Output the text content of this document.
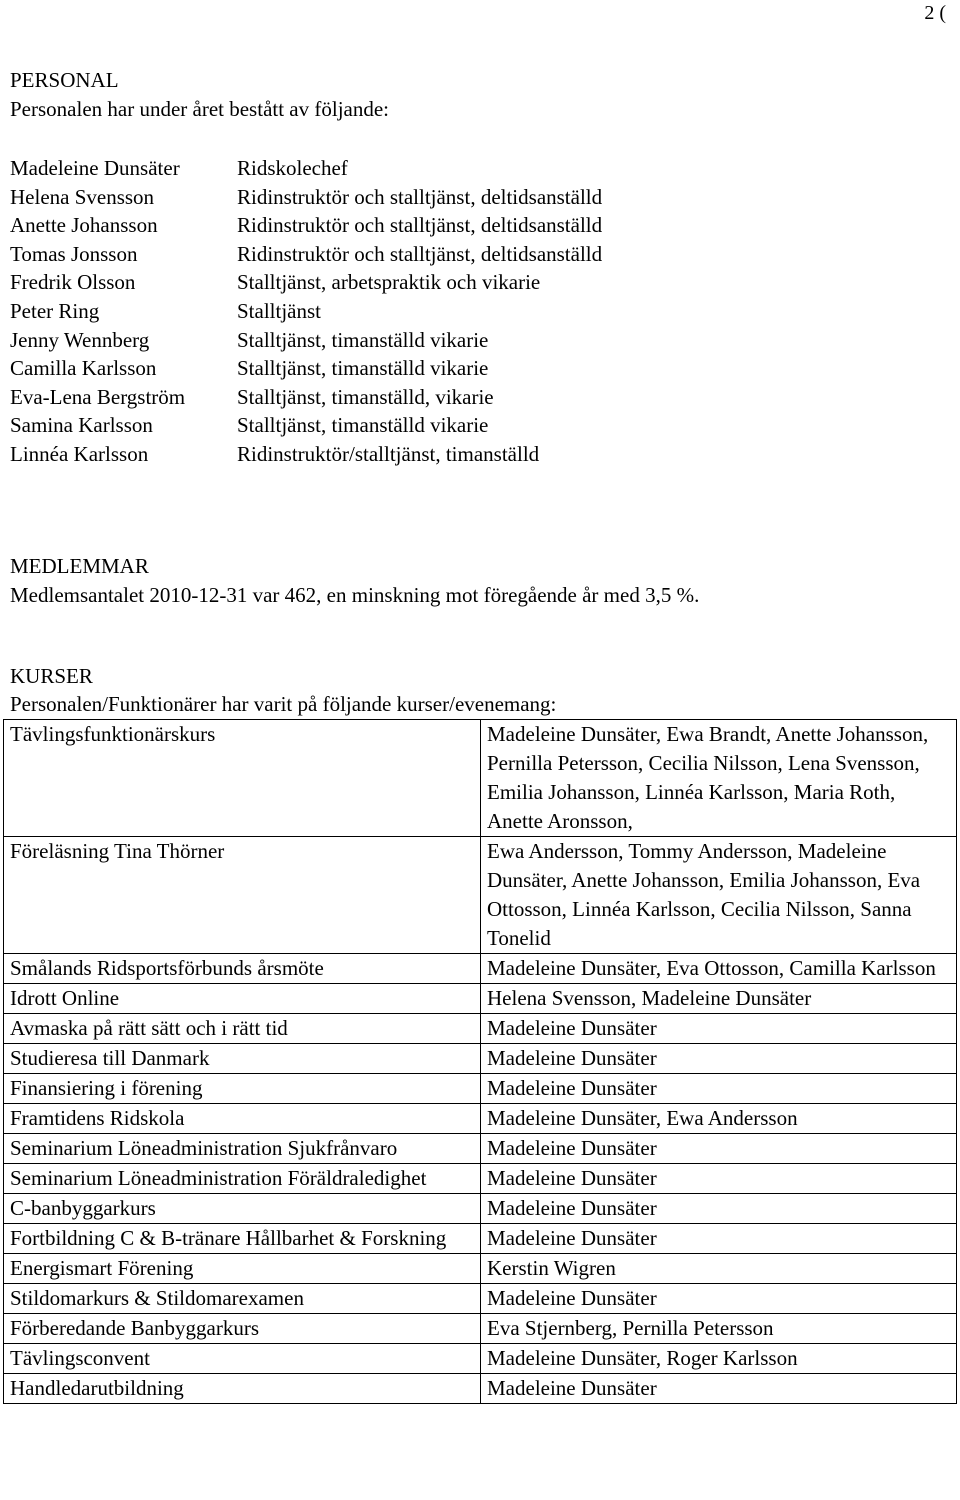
2 (
PERSONAL
Personalen har under året bestått av följande:
Madeleine Dunsäter	Ridskolechef
Helena Svensson	Ridinstruktör och stalltjänst, deltidsanställd
Anette Johansson	Ridinstruktör och stalltjänst, deltidsanställd
Tomas Jonsson	Ridinstruktör och stalltjänst, deltidsanställd
Fredrik Olsson	Stalltjänst, arbetspraktik och vikarie
Peter Ring	Stalltjänst
Jenny Wennberg	Stalltjänst, timanställd vikarie
Camilla Karlsson	Stalltjänst, timanställd vikarie
Eva-Lena Bergström	Stalltjänst, timanställd, vikarie
Samina Karlsson	Stalltjänst, timanställd vikarie
Linnéa Karlsson	Ridinstruktör/stalltjänst, timanställd
MEDLEMMAR
Medlemsantalet 2010-12-31 var 462, en minskning mot föregående år med 3,5 %.
KURSER
Personalen/Funktionärer har varit på följande kurser/evenemang:
Tävlingsfunktionärskurs	Madeleine Dunsäter, Ewa Brandt, Anette Johansson, Pernilla Petersson, Cecilia Nilsson, Lena Svensson, Emilia Johansson, Linnéa Karlsson, Maria Roth, Anette Aronsson,
Föreläsning Tina Thörner	Ewa Andersson, Tommy Andersson, Madeleine Dunsäter, Anette Johansson, Emilia Johansson, Eva Ottosson, Linnéa Karlsson, Cecilia Nilsson, Sanna Tonelid
Smålands Ridsportsförbunds årsmöte	Madeleine Dunsäter, Eva Ottosson, Camilla Karlsson
Idrott Online	Helena Svensson, Madeleine Dunsäter
Avmaska på rätt sätt och i rätt tid	Madeleine Dunsäter
Studieresa till Danmark	Madeleine Dunsäter
Finansiering i förening	Madeleine Dunsäter
Framtidens Ridskola	Madeleine Dunsäter, Ewa Andersson
Seminarium Löneadministration Sjukfrånvaro	Madeleine Dunsäter
Seminarium Löneadministration Föräldraledighet	Madeleine Dunsäter
C-banbyggarkurs	Madeleine Dunsäter
Fortbildning C & B-tränare Hållbarhet & Forskning	Madeleine Dunsäter
Energismart Förening	Kerstin Wigren
Stildomarkurs & Stildomarexamen	Madeleine Dunsäter
Förberedande Banbyggarkurs	Eva Stjernberg, Pernilla Petersson
Tävlingsconvent	Madeleine Dunsäter, Roger Karlsson
Handledarutbildning	Madeleine Dunsäter
